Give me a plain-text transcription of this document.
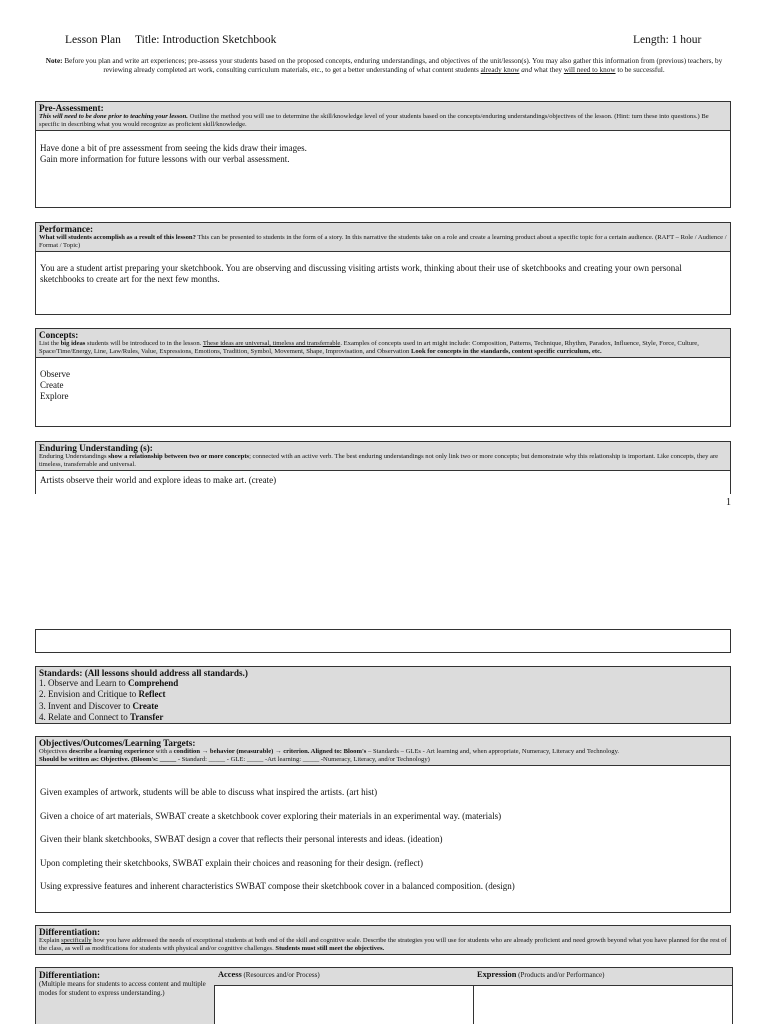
Lesson Plan Title: Introduction Sketchbook	Length: 1 hour
Note: Before you plan and write art experiences; pre-assess your students based on the proposed concepts, enduring understandings, and objectives of the unit/lesson(s). You may also gather this information from (previous) teachers, by reviewing already completed art work, consulting curriculum materials, etc., to get a better understanding of what content students already know and what they will need to know to be successful.
Pre-Assessment:
This will need to be done prior to teaching your lesson. Outline the method you will use to determine the skill/knowledge level of your students based on the concepts/enduring understandings/objectives of the lesson. (Hint: turn these into questions.) Be specific in describing what you would recognize as proficient skill/knowledge.
Have done a bit of pre assessment from seeing the kids draw their images.
Gain more information for future lessons with our verbal assessment.
Performance:
What will students accomplish as a result of this lesson? This can be presented to students in the form of a story. In this narrative the students take on a role and create a learning product about a specific topic for a certain audience. (RAFT – Role / Audience / Format / Topic)
You are a student artist preparing your sketchbook. You are observing and discussing visiting artists work, thinking about their use of sketchbooks and creating your own personal sketchbooks to create art for the next few months.
Concepts:
List the big ideas students will be introduced to in the lesson. These ideas are universal, timeless and transferrable. Examples of concepts used in art might include: Composition, Patterns, Technique, Rhythm, Paradox, Influence, Style, Force, Culture, Space/Time/Energy, Line, Law/Rules, Value, Expressions, Emotions, Tradition, Symbol, Movement, Shape, Improvisation, and Observation Look for concepts in the standards, content specific curriculum, etc.
Observe
Create
Explore
Enduring Understanding (s):
Enduring Understandings show a relationship between two or more concepts; connected with an active verb. The best enduring understandings not only link two or more concepts; but demonstrate why this relationship is important. Like concepts, they are timeless, transferrable and universal.
Artists observe their world and explore ideas to make art. (create)
1
Standards: (All lessons should address all standards.)
1. Observe and Learn to Comprehend
2. Envision and Critique to Reflect
3. Invent and Discover to Create
4. Relate and Connect to Transfer
Objectives/Outcomes/Learning Targets:
Objectives describe a learning experience with a condition → behavior (measurable) → criterion. Aligned to: Bloom's – Standards – GLEs - Art learning and, when appropriate, Numeracy, Literacy and Technology.
Should be written as: Objective. (Bloom's: _____ - Standard: _____ - GLE: _____ -Art learning: _____ -Numeracy, Literacy, and/or Technology)
Given examples of artwork, students will be able to discuss what inspired the artists. (art hist)
Given a choice of art materials, SWBAT create a sketchbook cover exploring their materials in an experimental way. (materials)
Given their blank sketchbooks, SWBAT design a cover that reflects their personal interests and ideas. (ideation)
Upon completing their sketchbooks, SWBAT explain their choices and reasoning for their design. (reflect)
Using expressive features and inherent characteristics SWBAT compose their sketchbook cover in a balanced composition. (design)
Differentiation:
Explain specifically how you have addressed the needs of exceptional students at both end of the skill and cognitive scale. Describe the strategies you will use for students who are already proficient and need growth beyond what you have planned for the rest of the class, as well as modifications for students with physical and/or cognitive challenges. Students must still meet the objectives.
Differentiation:
(Multiple means for students to access content and multiple modes for student to express understanding.)
Access (Resources and/or Process)	Expression (Products and/or Performance)
